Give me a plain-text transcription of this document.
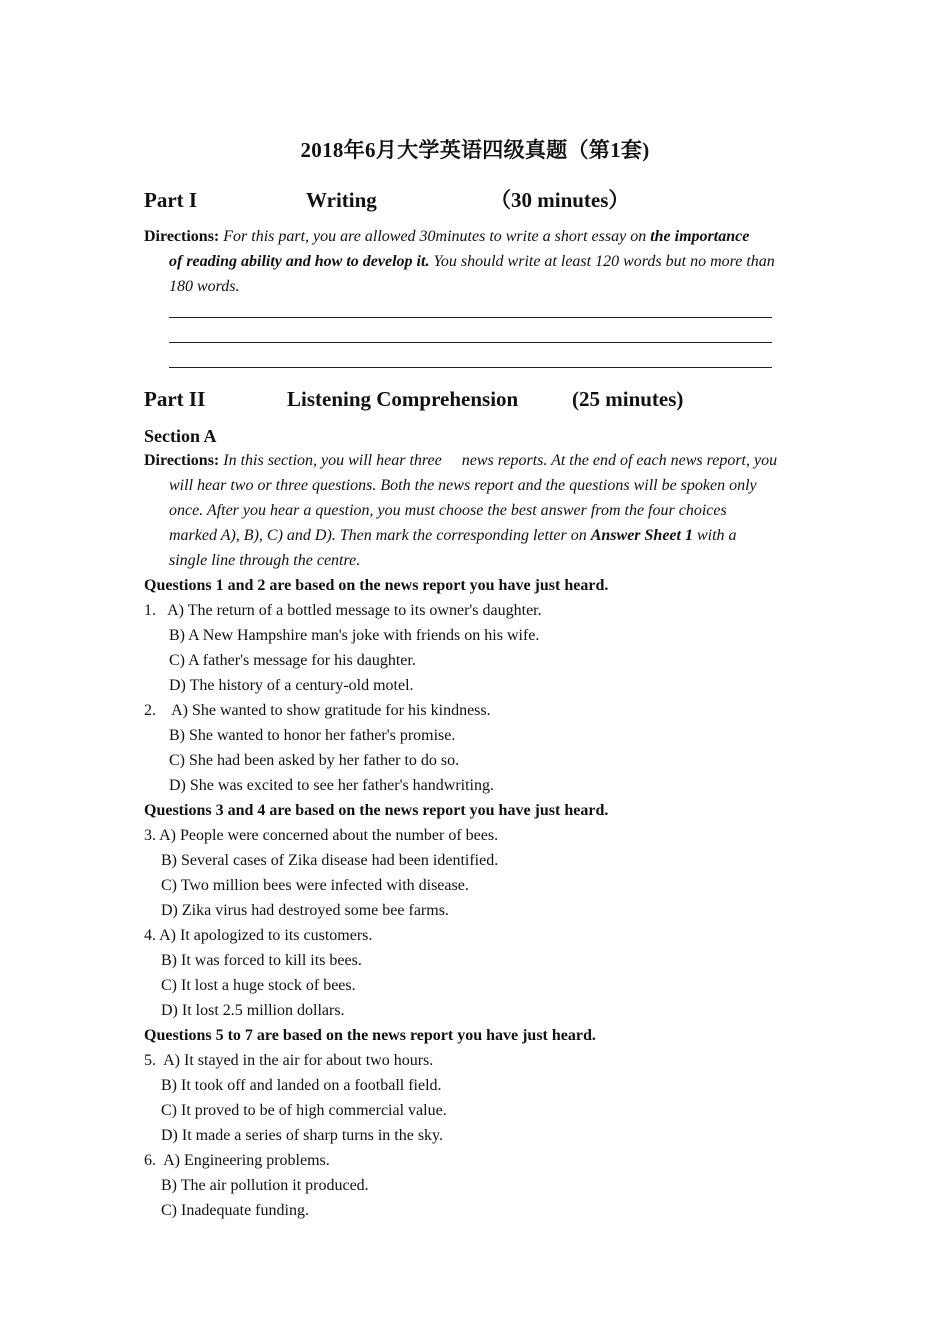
2018年6月大学英语四级真题（第1套)
Part I	Writing	（30 minutes）
Directions: For this part, you are allowed 30minutes to write a short essay on the importance
of reading ability and how to develop it. You should write at least 120 words but no more than
180 words.
Part II	Listening Comprehension	(25 minutes)
Section A
Directions: In this section, you will hear three     news reports. At the end of each news report, you
will hear two or three questions. Both the news report and the questions will be spoken only
once. After you hear a question, you must choose the best answer from the four choices
marked A), B), C) and D). Then mark the corresponding letter on Answer Sheet 1 with a
single line through the centre.
Questions 1 and 2 are based on the news report you have just heard.
1.   A) The return of a bottled message to its owner's daughter.
B) A New Hampshire man's joke with friends on his wife.
C) A father's message for his daughter.
D) The history of a century-old motel.
2.    A) She wanted to show gratitude for his kindness.
B) She wanted to honor her father's promise.
C) She had been asked by her father to do so.
D) She was excited to see her father's handwriting.
Questions 3 and 4 are based on the news report you have just heard.
3. A) People were concerned about the number of bees.
B) Several cases of Zika disease had been identified.
C) Two million bees were infected with disease.
D) Zika virus had destroyed some bee farms.
4. A) It apologized to its customers.
B) It was forced to kill its bees.
C) It lost a huge stock of bees.
D) It lost 2.5 million dollars.
Questions 5 to 7 are based on the news report you have just heard.
5.  A) It stayed in the air for about two hours.
B) It took off and landed on a football field.
C) It proved to be of high commercial value.
D) It made a series of sharp turns in the sky.
6.  A) Engineering problems.
B) The air pollution it produced.
C) Inadequate funding.
